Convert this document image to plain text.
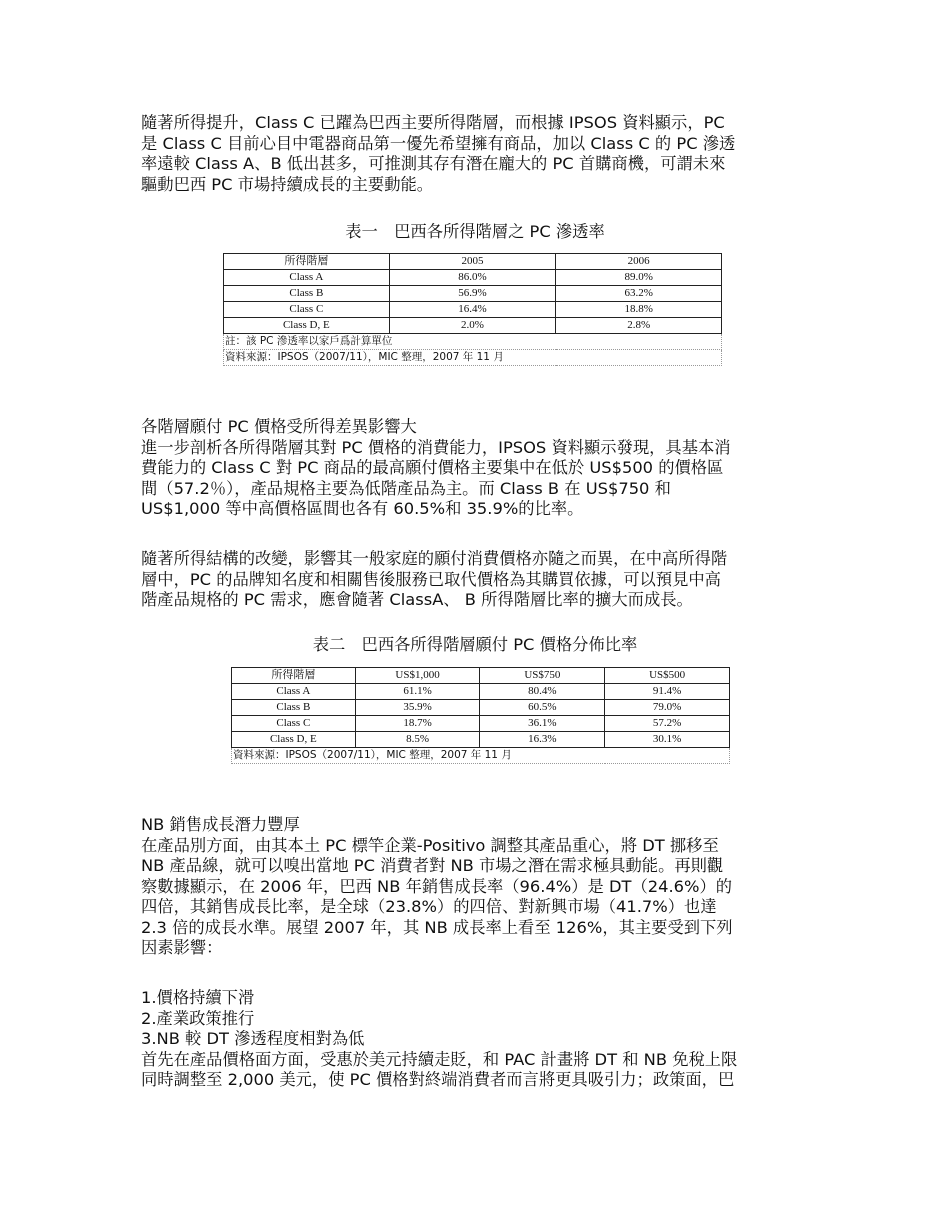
隨著所得提升，Class C 已躍為巴西主要所得階層，而根據 IPSOS 資料顯示，PC
是 Class C 目前心目中電器商品第一優先希望擁有商品，加以 Class C 的 PC 滲透
率遠較 Class A、B 低出甚多，可推測其存有潛在龐大的 PC 首購商機，可謂未來
驅動巴西 PC 市場持續成長的主要動能。
表一　巴西各所得階層之 PC 滲透率
所得階層	2005	2006
Class A	86.0%	89.0%
Class B	56.9%	63.2%
Class C	16.4%	18.8%
Class D, E	2.0%	2.8%
註：該 PC 滲透率以家戶爲計算單位		
資料來源：IPSOS（2007/11），MIC 整理，2007 年 11 月		
各階層願付 PC 價格受所得差異影響大
進一步剖析各所得階層其對 PC 價格的消費能力，IPSOS 資料顯示發現，具基本消
費能力的 Class C 對 PC 商品的最高願付價格主要集中在低於 US$500 的價格區
間（57.2％），產品規格主要為低階產品為主。而 Class B 在 US$750 和
US$1,000 等中高價格區間也各有 60.5%和 35.9%的比率。
隨著所得結構的改變，影響其一般家庭的願付消費價格亦隨之而異，在中高所得階
層中，PC 的品牌知名度和相關售後服務已取代價格為其購買依據，可以預見中高
階產品規格的 PC 需求，應會隨著 ClassA、 B 所得階層比率的擴大而成長。
表二　巴西各所得階層願付 PC 價格分佈比率
所得階層	US$1,000	US$750	US$500
Class A	61.1%	80.4%	91.4%
Class B	35.9%	60.5%	79.0%
Class C	18.7%	36.1%	57.2%
Class D, E	8.5%	16.3%	30.1%
資料來源：IPSOS（2007/11），MIC 整理，2007 年 11 月			
NB 銷售成長潛力豐厚
在產品別方面，由其本土 PC 標竿企業-Positivo 調整其產品重心，將 DT 挪移至
NB 產品線，就可以嗅出當地 PC 消費者對 NB 市場之潛在需求極具動能。再則觀
察數據顯示，在 2006 年，巴西 NB 年銷售成長率（96.4%）是 DT（24.6%）的
四倍，其銷售成長比率，是全球（23.8%）的四倍、對新興市場（41.7%）也達
2.3 倍的成長水準。展望 2007 年，其 NB 成長率上看至 126%，其主要受到下列
因素影響：
1.價格持續下滑
2.產業政策推行
3.NB 較 DT 滲透程度相對為低
首先在產品價格面方面，受惠於美元持續走貶，和 PAC 計畫將 DT 和 NB 免稅上限
同時調整至 2,000 美元，使 PC 價格對終端消費者而言將更具吸引力；政策面，巴
